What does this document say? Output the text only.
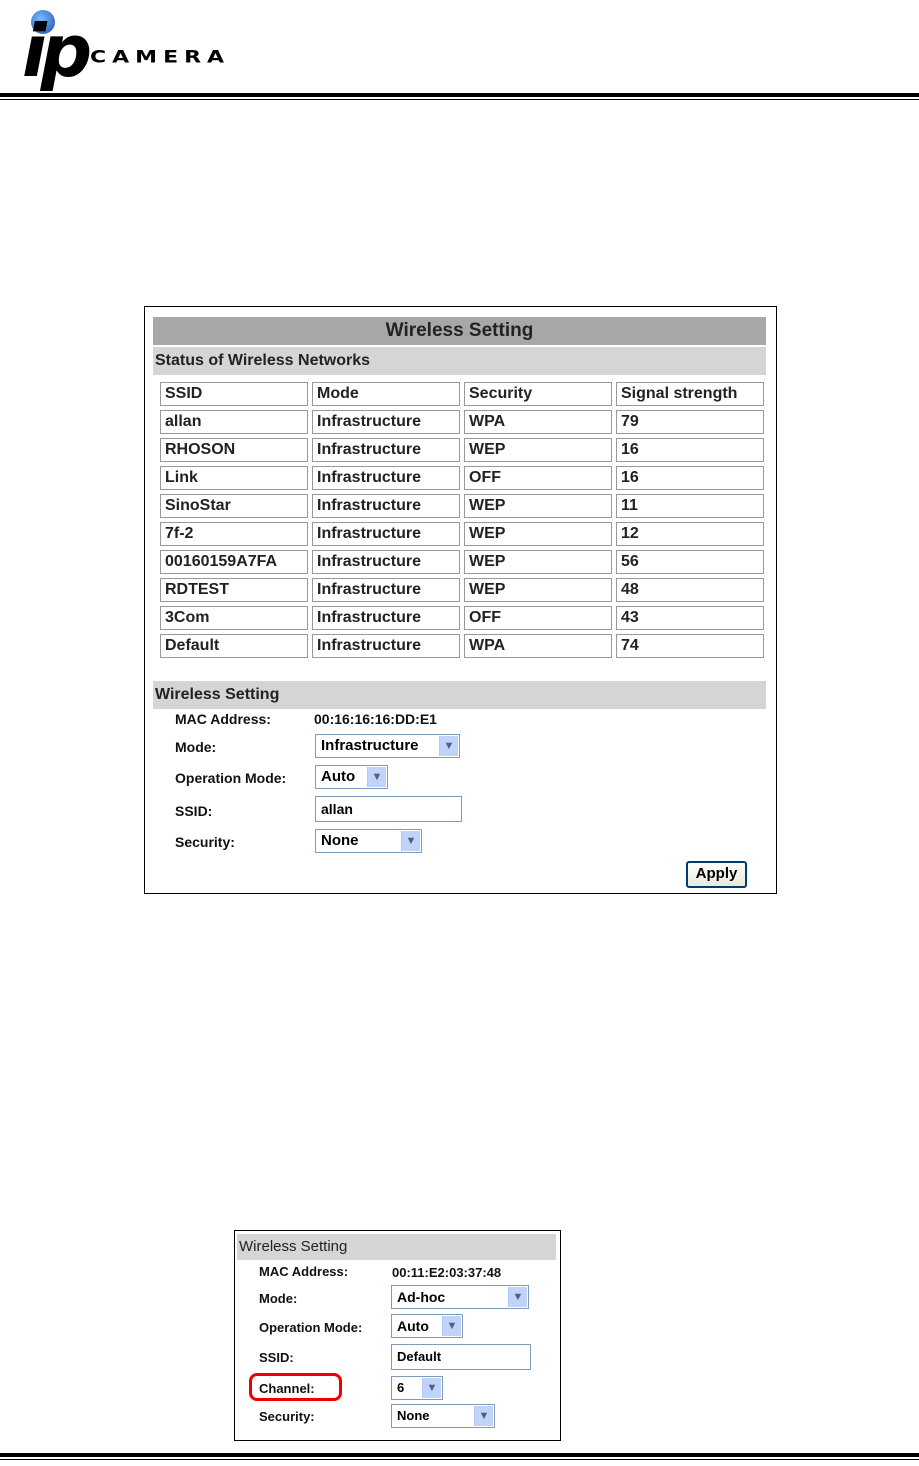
ip CAMERA
Wireless Setting
Status of Wireless Networks
SSID	Mode	Security	Signal strength
allan	Infrastructure	WPA	79
RHOSON	Infrastructure	WEP	16
Link	Infrastructure	OFF	16
SinoStar	Infrastructure	WEP	11
7f-2	Infrastructure	WEP	12
00160159A7FA	Infrastructure	WEP	56
RDTEST	Infrastructure	WEP	48
3Com	Infrastructure	OFF	43
Default	Infrastructure	WPA	74
Wireless Setting
MAC Address:	00:16:16:16:DD:E1
Mode:	Infrastructure	▼
Operation Mode:	Auto	▼
SSID:	allan
Security:	None	▼
Apply
Wireless Setting
MAC Address:	00:11:E2:03:37:48
Mode:	Ad-hoc	▼
Operation Mode:	Auto	▼
SSID:	Default
Channel:	6	▼
Security:	None	▼
